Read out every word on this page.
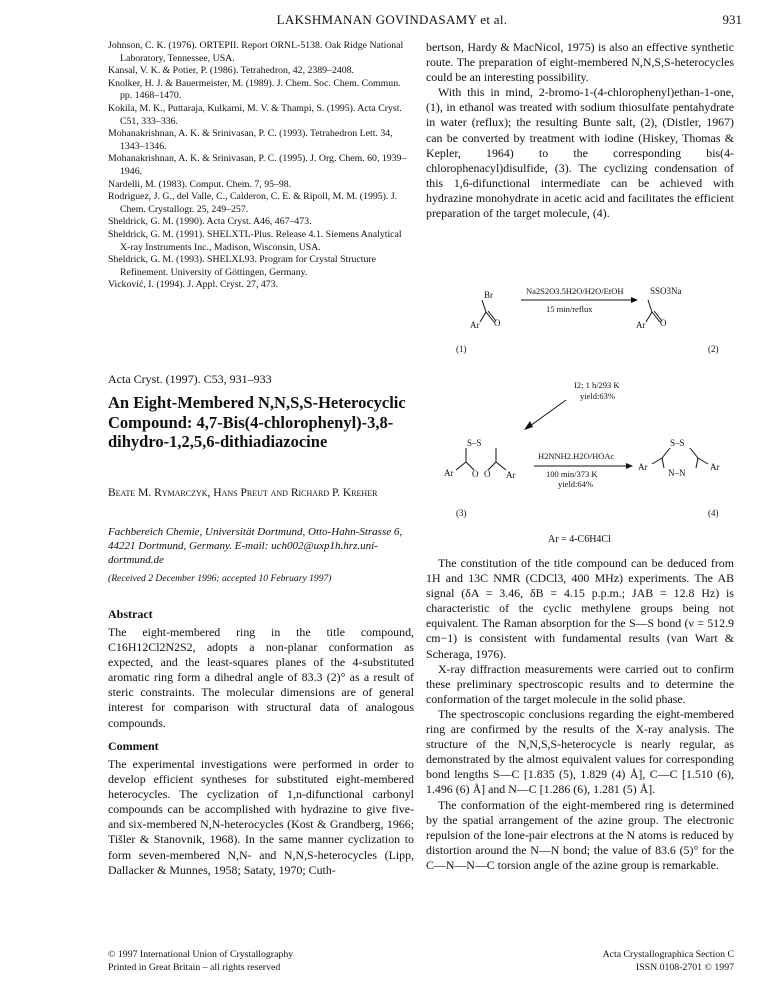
LAKSHMANAN GOVINDASAMY et al.	931

Johnson, C. K. (1976). ORTEPII. Report ORNL-5138. Oak Ridge National Laboratory, Tennessee, USA.

Kansal, V. K. & Potier, P. (1986). Tetrahedron, 42, 2389–2408.

Knolker, H. J. & Bauermeister, M. (1989). J. Chem. Soc. Chem. Commun. pp. 1468–1470.

Kokila, M. K., Puttaraja, Kulkarni, M. V. & Thampi, S. (1995). Acta Cryst. C51, 333–336.

Mohanakrishnan, A. K. & Srinivasan, P. C. (1993). Tetrahedron Lett. 34, 1343–1346.

Mohanakrishnan, A. K. & Srinivasan, P. C. (1995). J. Org. Chem. 60, 1939–1946.

Nardelli, M. (1983). Comput. Chem. 7, 95–98.

Rodriguez, J. G., del Valle, C., Calderon, C. E. & Ripoll, M. M. (1995). J. Chem. Crystallogr. 25, 249–257.

Sheldrick, G. M. (1990). Acta Cryst. A46, 467–473.

Sheldrick, G. M. (1991). SHELXTL-Plus. Release 4.1. Siemens Analytical X-ray Instruments Inc., Madison, Wisconsin, USA.

Sheldrick, G. M. (1993). SHELXL93. Program for Crystal Structure Refinement. University of Göttingen, Germany.

Vicković, I. (1994). J. Appl. Cryst. 27, 473.

bertson, Hardy & MacNicol, 1975) is also an effective synthetic route. The preparation of eight-membered N,N,S,S-heterocycles could be an interesting possibility.

With this in mind, 2-bromo-1-(4-chlorophenyl)ethan-1-one, (1), in ethanol was treated with sodium thiosulfate pentahydrate in water (reflux); the resulting Bunte salt, (2), (Distler, 1967) can be converted by treatment with iodine (Hiskey, Thomas & Kepler, 1964) to the corresponding bis(4-chlorophenacyl)disulfide, (3). The cyclizing condensation of this 1,6-difunctional intermediate can be achieved with hydrazine monohydrate in acetic acid and facilitates the efficient preparation of the target molecule, (4).

Acta Cryst. (1997). C53, 931–933
An Eight-Membered N,N,S,S-Heterocyclic Compound: 4,7-Bis(4-chlorophenyl)-3,8-dihydro-1,2,5,6-dithiadiazocine
Beate M. Rymarczyk, Hans Preut and Richard P. Kreher
Fachbereich Chemie, Universität Dortmund, Otto-Hahn-Strasse 6, 44221 Dortmund, Germany. E-mail: uch002@uxp1h.hrz.uni-dortmund.de
(Received 2 December 1996; accepted 10 February 1997)
Abstract

The eight-membered ring in the title compound, C16H12Cl2N2S2, adopts a non-planar conformation as expected, and the least-squares planes of the 4-substituted aromatic ring form a dihedral angle of 83.3 (2)° as a result of steric constraints. The molecular dimensions are of general interest for comparison with structural data of analogous compounds.

Comment

The experimental investigations were performed in order to develop efficient syntheses for substituted eight-membered heterocycles. The cyclization of 1,n-difunctional carbonyl compounds can be accomplished with hydrazine to give five- and six-membered N,N-heterocycles (Kost & Grandberg, 1966; Tišler & Stanovnik, 1968). In the same manner cyclization to form seven-membered N,N- and N,N,S-heterocycles (Lipp, Dallacker & Munnes, 1958; Sataty, 1970; Cuth-

Br
Ar O
Na2S2O3.5H2O/H2O/EtOH
15 min/reflux
SSO3Na
Ar O
(1)	(2)
I2; 1 h/293 K
yield:63%
S–S
Ar O O Ar
H2NNH2.H2O/HOAc
100 min/373 K
yield:64%
S–S
Ar
N–N
Ar
(3)	(4)
Ar = 4-C6H4Cl

The constitution of the title compound can be deduced from 1H and 13C NMR (CDCl3, 400 MHz) experiments. The AB signal (δA = 3.46, δB = 4.15 p.p.m.; JAB = 12.8 Hz) is characteristic of the cyclic methylene groups being not equivalent. The Raman absorption for the S—S bond (ν = 512.9 cm−1) is consistent with fundamental results (van Wart & Scheraga, 1976).

X-ray diffraction measurements were carried out to confirm these preliminary spectroscopic results and to determine the conformation of the target molecule in the solid phase.

The spectroscopic conclusions regarding the eight-membered ring are confirmed by the results of the X-ray analysis. The structure of the N,N,S,S-heterocycle is nearly regular, as demonstrated by the almost equivalent values for corresponding bond lengths S—C [1.835 (5), 1.829 (4) Å], C—C [1.510 (6), 1.496 (6) Å] and N—C [1.286 (6), 1.281 (5) Å].

The conformation of the eight-membered ring is determined by the spatial arrangement of the azine group. The electronic repulsion of the lone-pair electrons at the N atoms is reduced by distortion around the N—N bond; the value of 83.6 (5)° for the C—N—N—C torsion angle of the azine group is remarkable.

© 1997 International Union of Crystallography
Printed in Great Britain – all rights reserved
Acta Crystallographica Section C
ISSN 0108-2701 © 1997
